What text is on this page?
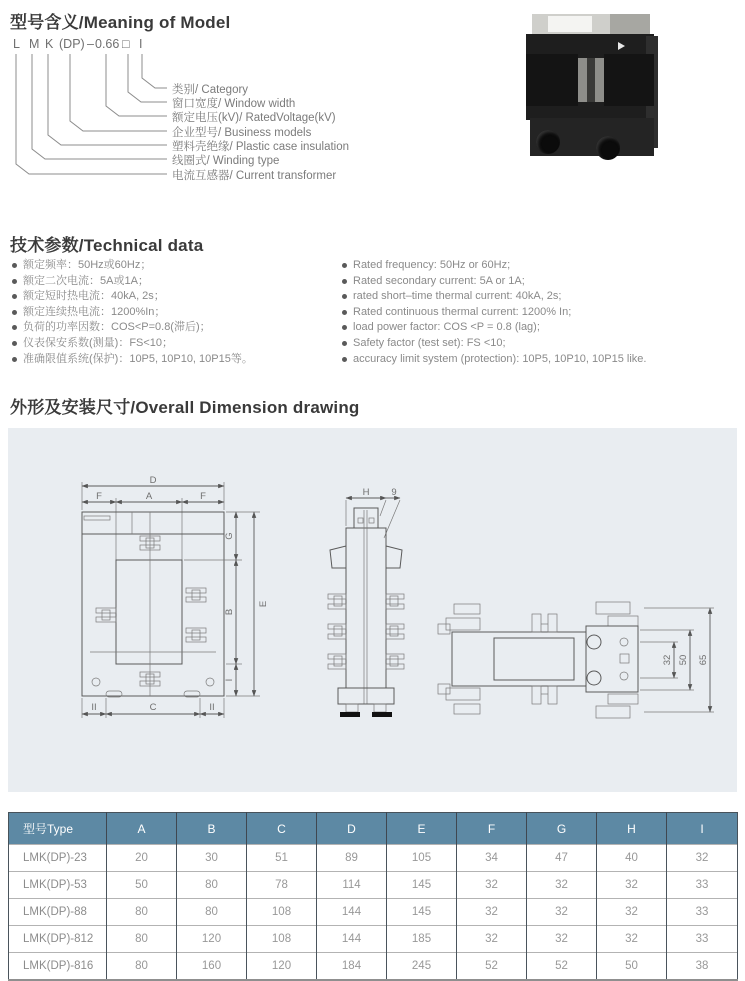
型号含义/Meaning of Model
L M K (DP) – 0.66 □ I
类别/ Category
窗口宽度/ Window width
额定电压(kV)/ RatedVoltage(kV)
企业型号/ Business models
塑料壳绝缘/ Plastic case insulation
线圈式/ Winding type
电流互感器/ Current transformer
技术参数/Technical data
额定频率：50Hz或60Hz；
额定二次电流：5A或1A；
额定短时热电流：40kA, 2s；
额定连续热电流：1200%In；
负荷的功率因数：COS<P=0.8(滞后)；
仪表保安系数(测量)：FS<10；
准确限值系统(保护)：10P5, 10P10, 10P15等。
Rated frequency: 50Hz or 60Hz;
Rated secondary current: 5A or 1A;
rated short–time thermal current: 40kA, 2s;
Rated continuous thermal current: 1200% In;
load power factor: COS <P = 0.8 (lag);
Safety factor (test set): FS <10;
accuracy limit system (protection): 10P5, 10P10, 10P15 like.
外形及安装尺寸/Overall Dimension drawing
D
F	A	F
G
B
I
E
II	C	II
H 9
32 50 65
型号Type	A	B	C	D	E	F	G	H	I
LMK(DP)-23	20	30	51	89	105	34	47	40	32
LMK(DP)-53	50	80	78	114	145	32	32	32	33
LMK(DP)-88	80	80	108	144	145	32	32	32	33
LMK(DP)-812	80	120	108	144	185	32	32	32	33
LMK(DP)-816	80	160	120	184	245	52	52	50	38
